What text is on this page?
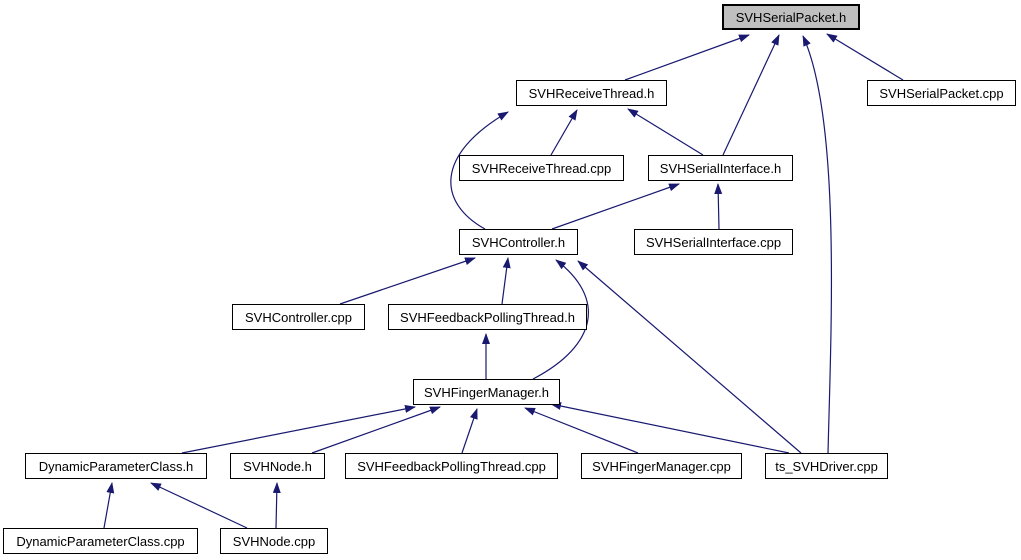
SVHSerialPacket.h
SVHReceiveThread.h	SVHSerialPacket.cpp
SVHReceiveThread.cpp	SVHSerialInterface.h
SVHController.h	SVHSerialInterface.cpp
SVHController.cpp	SVHFeedbackPollingThread.h
SVHFingerManager.h
DynamicParameterClass.h	SVHNode.h	SVHFeedbackPollingThread.cpp	SVHFingerManager.cpp	ts_SVHDriver.cpp
DynamicParameterClass.cpp	SVHNode.cpp
